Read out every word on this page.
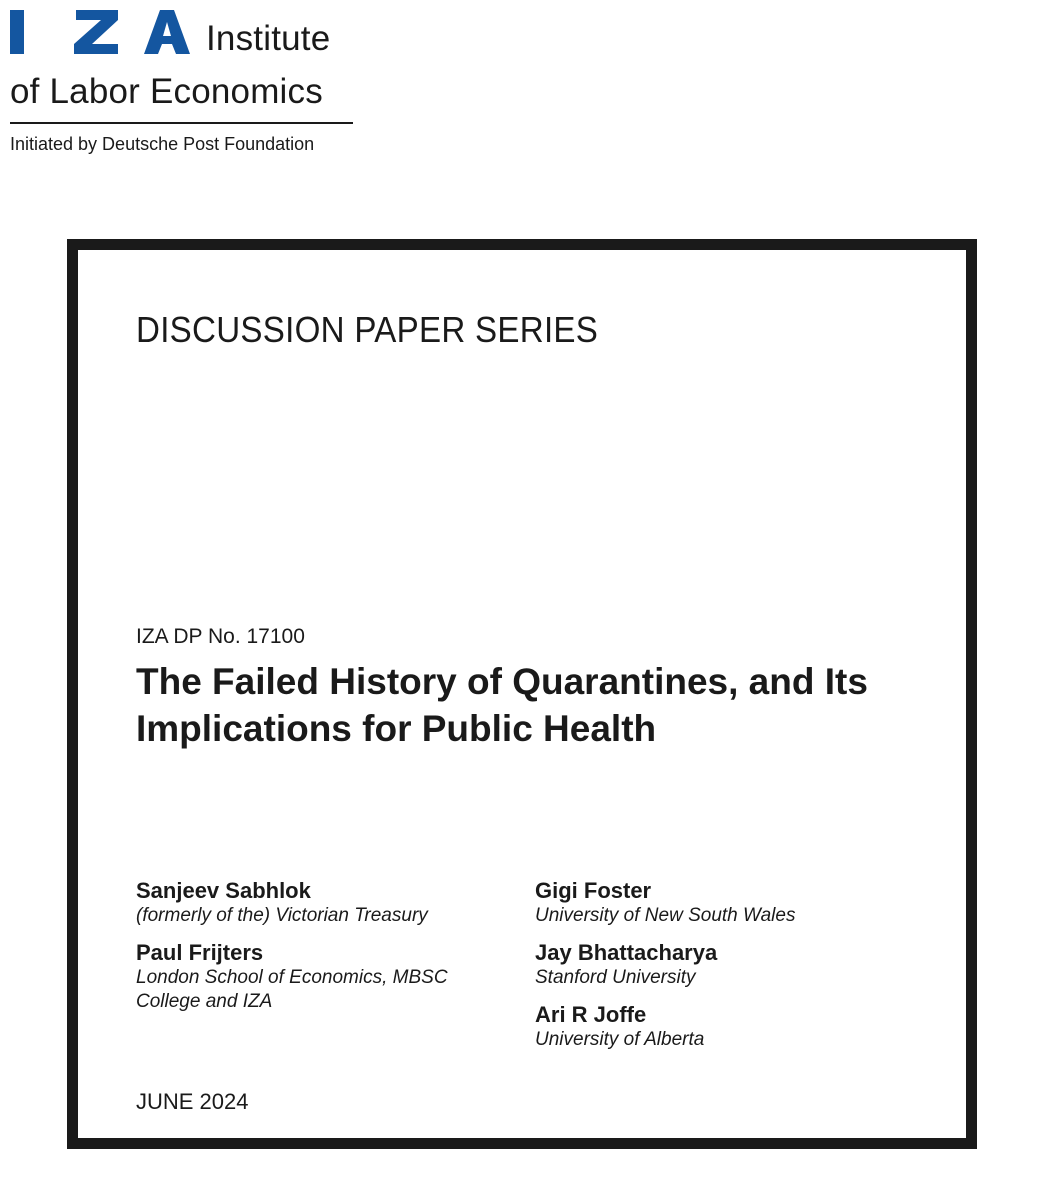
Institute
of Labor Economics
Initiated by Deutsche Post Foundation
DISCUSSION PAPER SERIES
IZA DP No. 17100
The Failed History of Quarantines, and Its Implications for Public Health
Sanjeev Sabhlok
(formerly of the) Victorian Treasury
Paul Frijters
London School of Economics, MBSC College and IZA
Gigi Foster
University of New South Wales
Jay Bhattacharya
Stanford University
Ari R Joffe
University of Alberta
JUNE 2024
